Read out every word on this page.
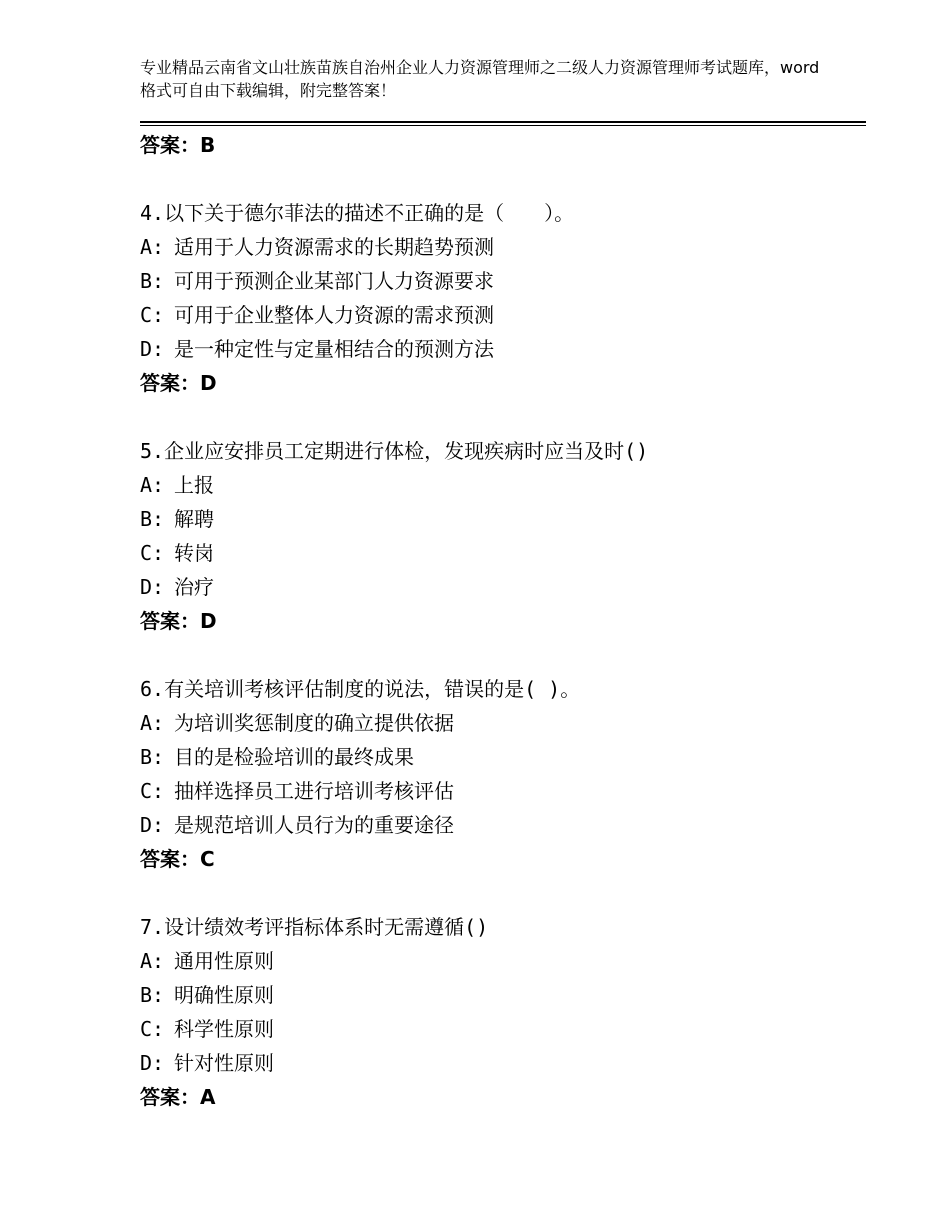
专业精品云南省文山壮族苗族自治州企业人力资源管理师之二级人力资源管理师考试题库，word格式可自由下载编辑，附完整答案！
答案：B
4.以下关于德尔菲法的描述不正确的是（　　）。
A: 适用于人力资源需求的长期趋势预测
B: 可用于预测企业某部门人力资源要求
C: 可用于企业整体人力资源的需求预测
D: 是一种定性与定量相结合的预测方法
答案：D
5.企业应安排员工定期进行体检，发现疾病时应当及时()
A: 上报
B: 解聘
C: 转岗
D: 治疗
答案：D
6.有关培训考核评估制度的说法，错误的是( )。
A: 为培训奖惩制度的确立提供依据
B: 目的是检验培训的最终成果
C: 抽样选择员工进行培训考核评估
D: 是规范培训人员行为的重要途径
答案：C
7.设计绩效考评指标体系时无需遵循()
A: 通用性原则
B: 明确性原则
C: 科学性原则
D: 针对性原则
答案：A
